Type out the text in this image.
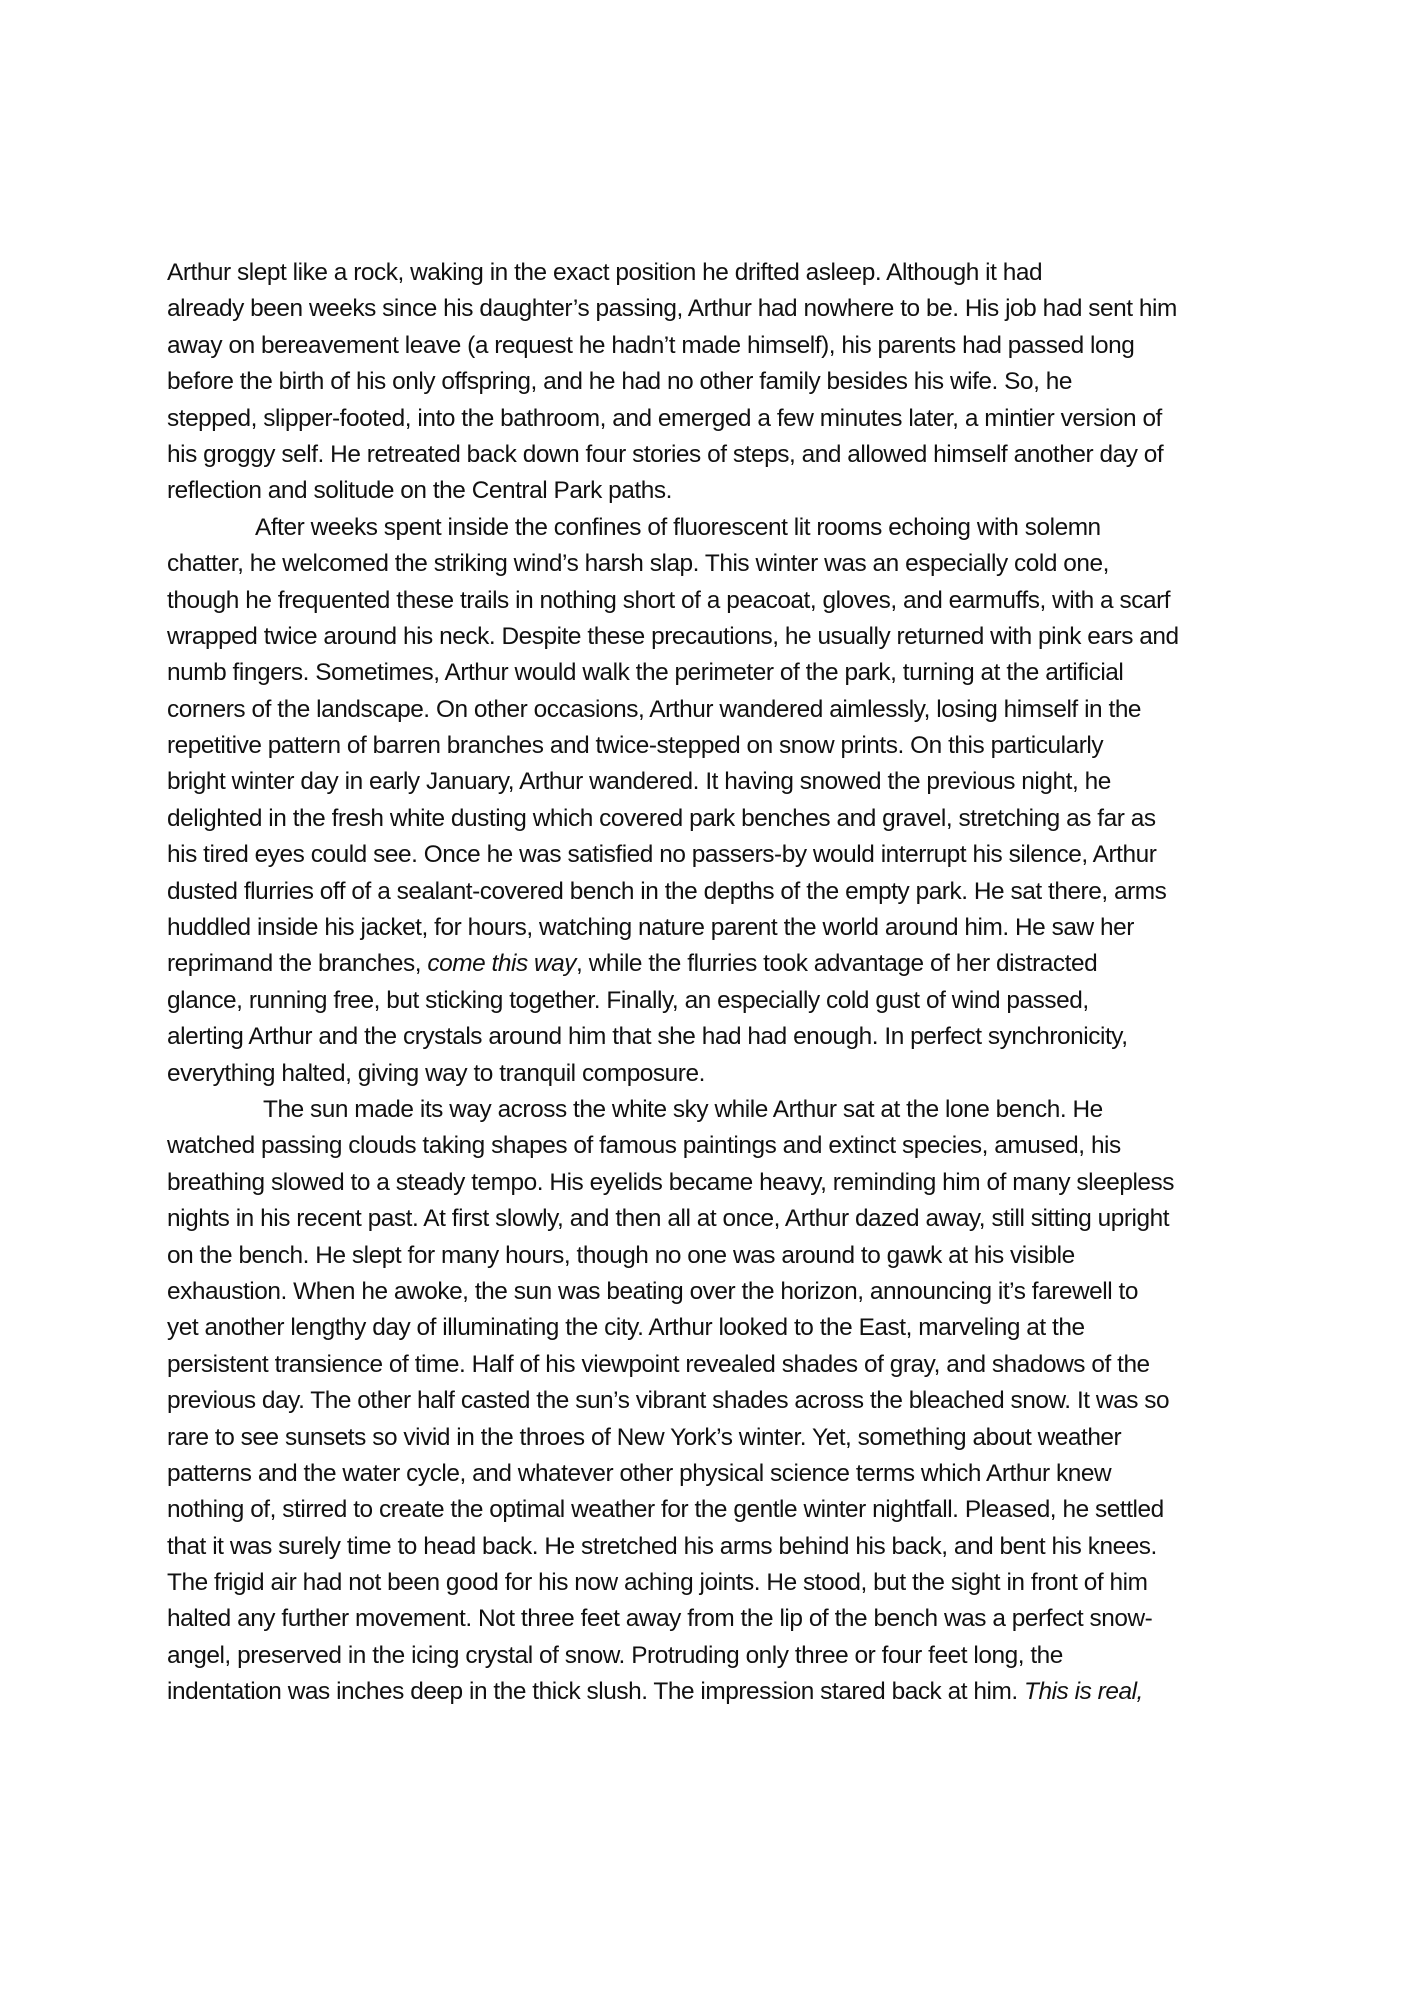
Arthur slept like a rock, waking in the exact position he drifted asleep. Although it had
already been weeks since his daughter’s passing, Arthur had nowhere to be. His job had sent him
away on bereavement leave (a request he hadn’t made himself), his parents had passed long
before the birth of his only offspring, and he had no other family besides his wife. So, he
stepped, slipper-footed, into the bathroom, and emerged a few minutes later, a mintier version of
his groggy self. He retreated back down four stories of steps, and allowed himself another day of
reflection and solitude on the Central Park paths.
After weeks spent inside the confines of fluorescent lit rooms echoing with solemn
chatter, he welcomed the striking wind’s harsh slap. This winter was an especially cold one,
though he frequented these trails in nothing short of a peacoat, gloves, and earmuffs, with a scarf
wrapped twice around his neck. Despite these precautions, he usually returned with pink ears and
numb fingers. Sometimes, Arthur would walk the perimeter of the park, turning at the artificial
corners of the landscape. On other occasions, Arthur wandered aimlessly, losing himself in the
repetitive pattern of barren branches and twice-stepped on snow prints. On this particularly
bright winter day in early January, Arthur wandered. It having snowed the previous night, he
delighted in the fresh white dusting which covered park benches and gravel, stretching as far as
his tired eyes could see. Once he was satisfied no passers-by would interrupt his silence, Arthur
dusted flurries off of a sealant-covered bench in the depths of the empty park. He sat there, arms
huddled inside his jacket, for hours, watching nature parent the world around him. He saw her
reprimand the branches, come this way, while the flurries took advantage of her distracted
glance, running free, but sticking together. Finally, an especially cold gust of wind passed,
alerting Arthur and the crystals around him that she had had enough. In perfect synchronicity,
everything halted, giving way to tranquil composure.
The sun made its way across the white sky while Arthur sat at the lone bench. He
watched passing clouds taking shapes of famous paintings and extinct species, amused, his
breathing slowed to a steady tempo. His eyelids became heavy, reminding him of many sleepless
nights in his recent past. At first slowly, and then all at once, Arthur dazed away, still sitting upright
on the bench. He slept for many hours, though no one was around to gawk at his visible
exhaustion. When he awoke, the sun was beating over the horizon, announcing it’s farewell to
yet another lengthy day of illuminating the city. Arthur looked to the East, marveling at the
persistent transience of time. Half of his viewpoint revealed shades of gray, and shadows of the
previous day. The other half casted the sun’s vibrant shades across the bleached snow. It was so
rare to see sunsets so vivid in the throes of New York’s winter. Yet, something about weather
patterns and the water cycle, and whatever other physical science terms which Arthur knew
nothing of, stirred to create the optimal weather for the gentle winter nightfall. Pleased, he settled
that it was surely time to head back. He stretched his arms behind his back, and bent his knees.
The frigid air had not been good for his now aching joints. He stood, but the sight in front of him
halted any further movement. Not three feet away from the lip of the bench was a perfect snow-
angel, preserved in the icing crystal of snow. Protruding only three or four feet long, the
indentation was inches deep in the thick slush. The impression stared back at him. This is real,
